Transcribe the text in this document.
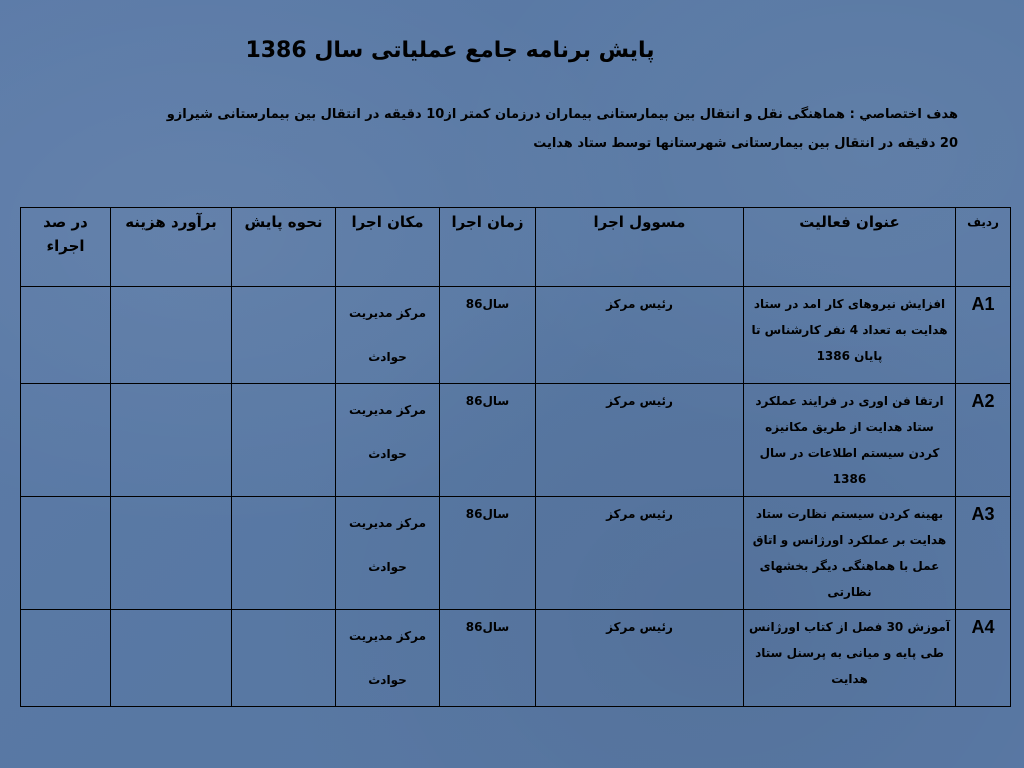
پایش برنامه جامع عملیاتی سال 1386
هدف اختصاصي : هماهنگی نقل و انتقال بین بیمارستانی بیماران درزمان کمتر از10 دقیقه در انتقال بین بیمارستانی شیرازو
20 دقیقه در انتقال بین بیمارستانی شهرستانها توسط ستاد هدایت
رديف	عنوان فعالیت	مسوول اجرا	زمان اجرا	مکان اجرا	نحوه پایش	برآورد هزینه	در صد اجراء
A1	افزایش نیروهای کار امد در ستاد هدایت به تعداد 4 نفر کارشناس تا پایان 1386	رئیس مرکز	سال86	مرکز مدیریت حوادث			
A2	ارتقا فن اوری در فرایند عملکرد ستاد هدایت از طریق مکانیزه کردن سیستم اطلاعات در سال 1386	رئیس مرکز	سال86	مرکز مدیریت حوادث			
A3	بهینه کردن سیستم نظارت ستاد هدایت بر عملکرد اورژانس و اتاق عمل با هماهنگی دیگر بخشهای نظارتی	رئیس مرکز	سال86	مرکز مدیریت حوادث			
A4	آموزش 30 فصل از کتاب اورژانس طی پایه و میانی به پرسنل ستاد هدایت	رئیس مرکز	سال86	مرکز مدیریت حوادث			
